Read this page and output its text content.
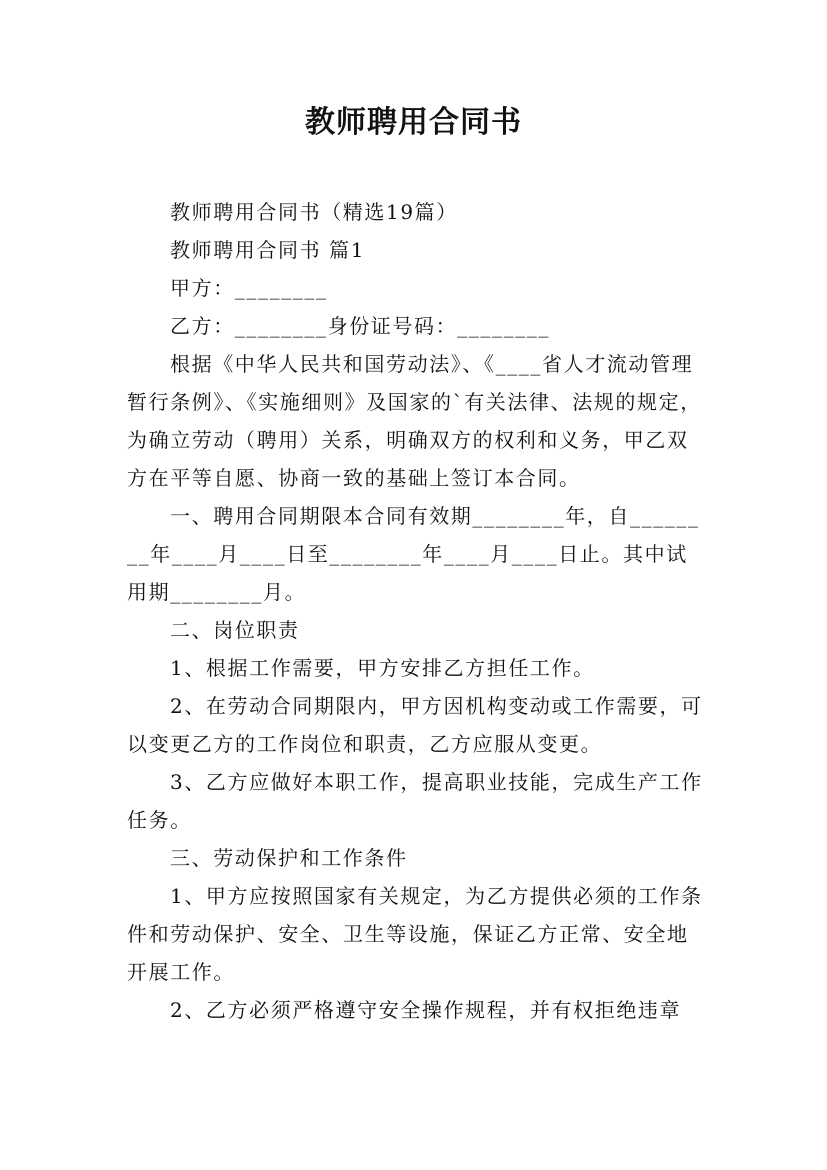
教师聘用合同书

教师聘用合同书（精选19篇）

教师聘用合同书 篇1

甲方：________

乙方：________身份证号码：________

根据《中华人民共和国劳动法》、《____省人才流动管理暂行条例》、《实施细则》及国家的`有关法律、法规的规定，为确立劳动（聘用）关系，明确双方的权利和义务，甲乙双方在平等自愿、协商一致的基础上签订本合同。

一、聘用合同期限本合同有效期________年，自________年____月____日至________年____月____日止。其中试用期________月。

二、岗位职责

1、根据工作需要，甲方安排乙方担任工作。

2、在劳动合同期限内，甲方因机构变动或工作需要，可以变更乙方的工作岗位和职责，乙方应服从变更。

3、乙方应做好本职工作，提高职业技能，完成生产工作任务。

三、劳动保护和工作条件

1、甲方应按照国家有关规定，为乙方提供必须的工作条件和劳动保护、安全、卫生等设施，保证乙方正常、安全地开展工作。

2、乙方必须严格遵守安全操作规程，并有权拒绝违章
